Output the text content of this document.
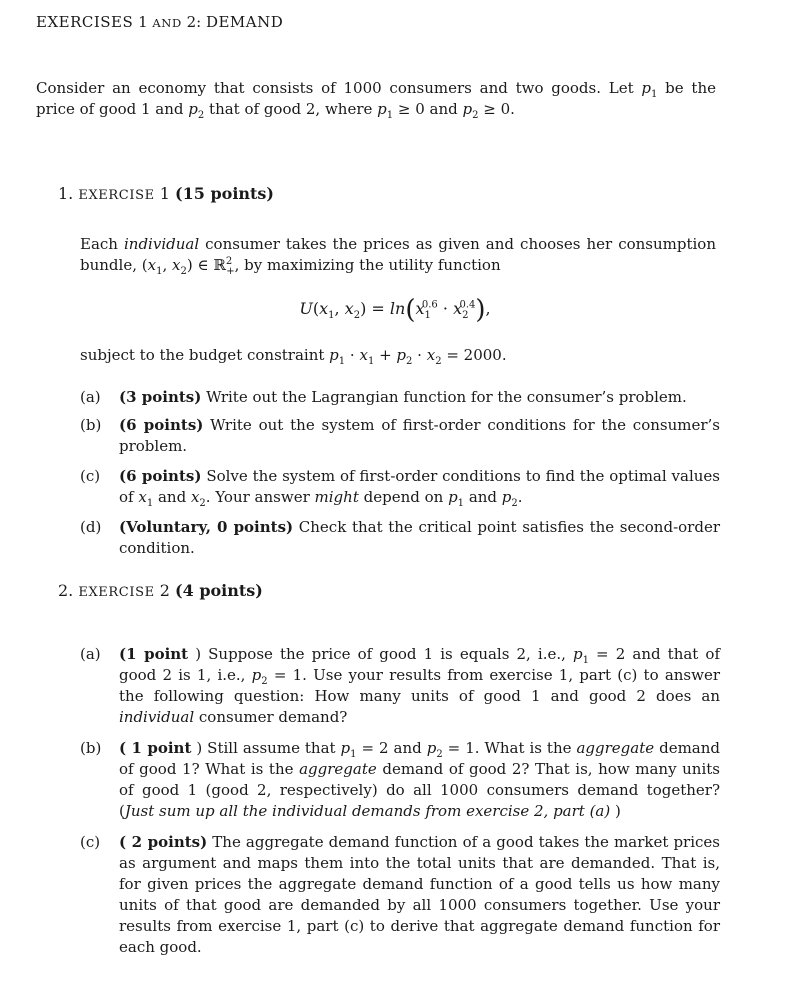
EXERCISES 1 AND 2: DEMAND
Consider an economy that consists of 1000 consumers and two goods. Let $p_1$ be the price of good 1 and $p_2$ that of good 2, where $p_1 \ge 0$ and $p_2 \ge 0$.
1. EXERCISE 1 (15 points)
Each individual consumer takes the prices as given and chooses her consumption bundle, ($x_1$, $x_2$) ∈ ℝ$^2_+$, by maximizing the utility function
$U(x_1$, $x_2) = \ln(x_1^{0.6} \cdot x_2^{0.4})$,
subject to the budget constraint $p_1 \cdot x_1 + p_2 \cdot x_2 = 2000$.
(a) (3 points) Write out the Lagrangian function for the consumer’s problem.
(b) (6 points) Write out the system of first-order conditions for the consumer’s problem.
(c) (6 points) Solve the system of first-order conditions to find the optimal values of $x_1$ and $x_2$. Your answer might depend on $p_1$ and $p_2$.
(d) (Voluntary, 0 points) Check that the critical point satisfies the second-order condition.
2. EXERCISE 2 (4 points)
(a) (1 point ) Suppose the price of good 1 is equals 2, i.e., $p_1 = 2$ and that of good 2 is 1, i.e., $p_2 = 1$. Use your results from exercise 1, part (c) to answer the following question: How many units of good 1 and good 2 does an individual consumer demand?
(b) ( 1 point ) Still assume that $p_1 = 2$ and $p_2 = 1$. What is the aggregate demand of good 1? What is the aggregate demand of good 2? That is, how many units of good 1 (good 2, respectively) do all 1000 consumers demand together? (Just sum up all the individual demands from exercise 2, part (a) )
(c) ( 2 points) The aggregate demand function of a good takes the market prices as argument and maps them into the total units that are demanded. That is, for given prices the aggregate demand function of a good tells us how many units of that good are demanded by all 1000 consumers together. Use your results from exercise 1, part (c) to derive that aggregate demand function for each good.
